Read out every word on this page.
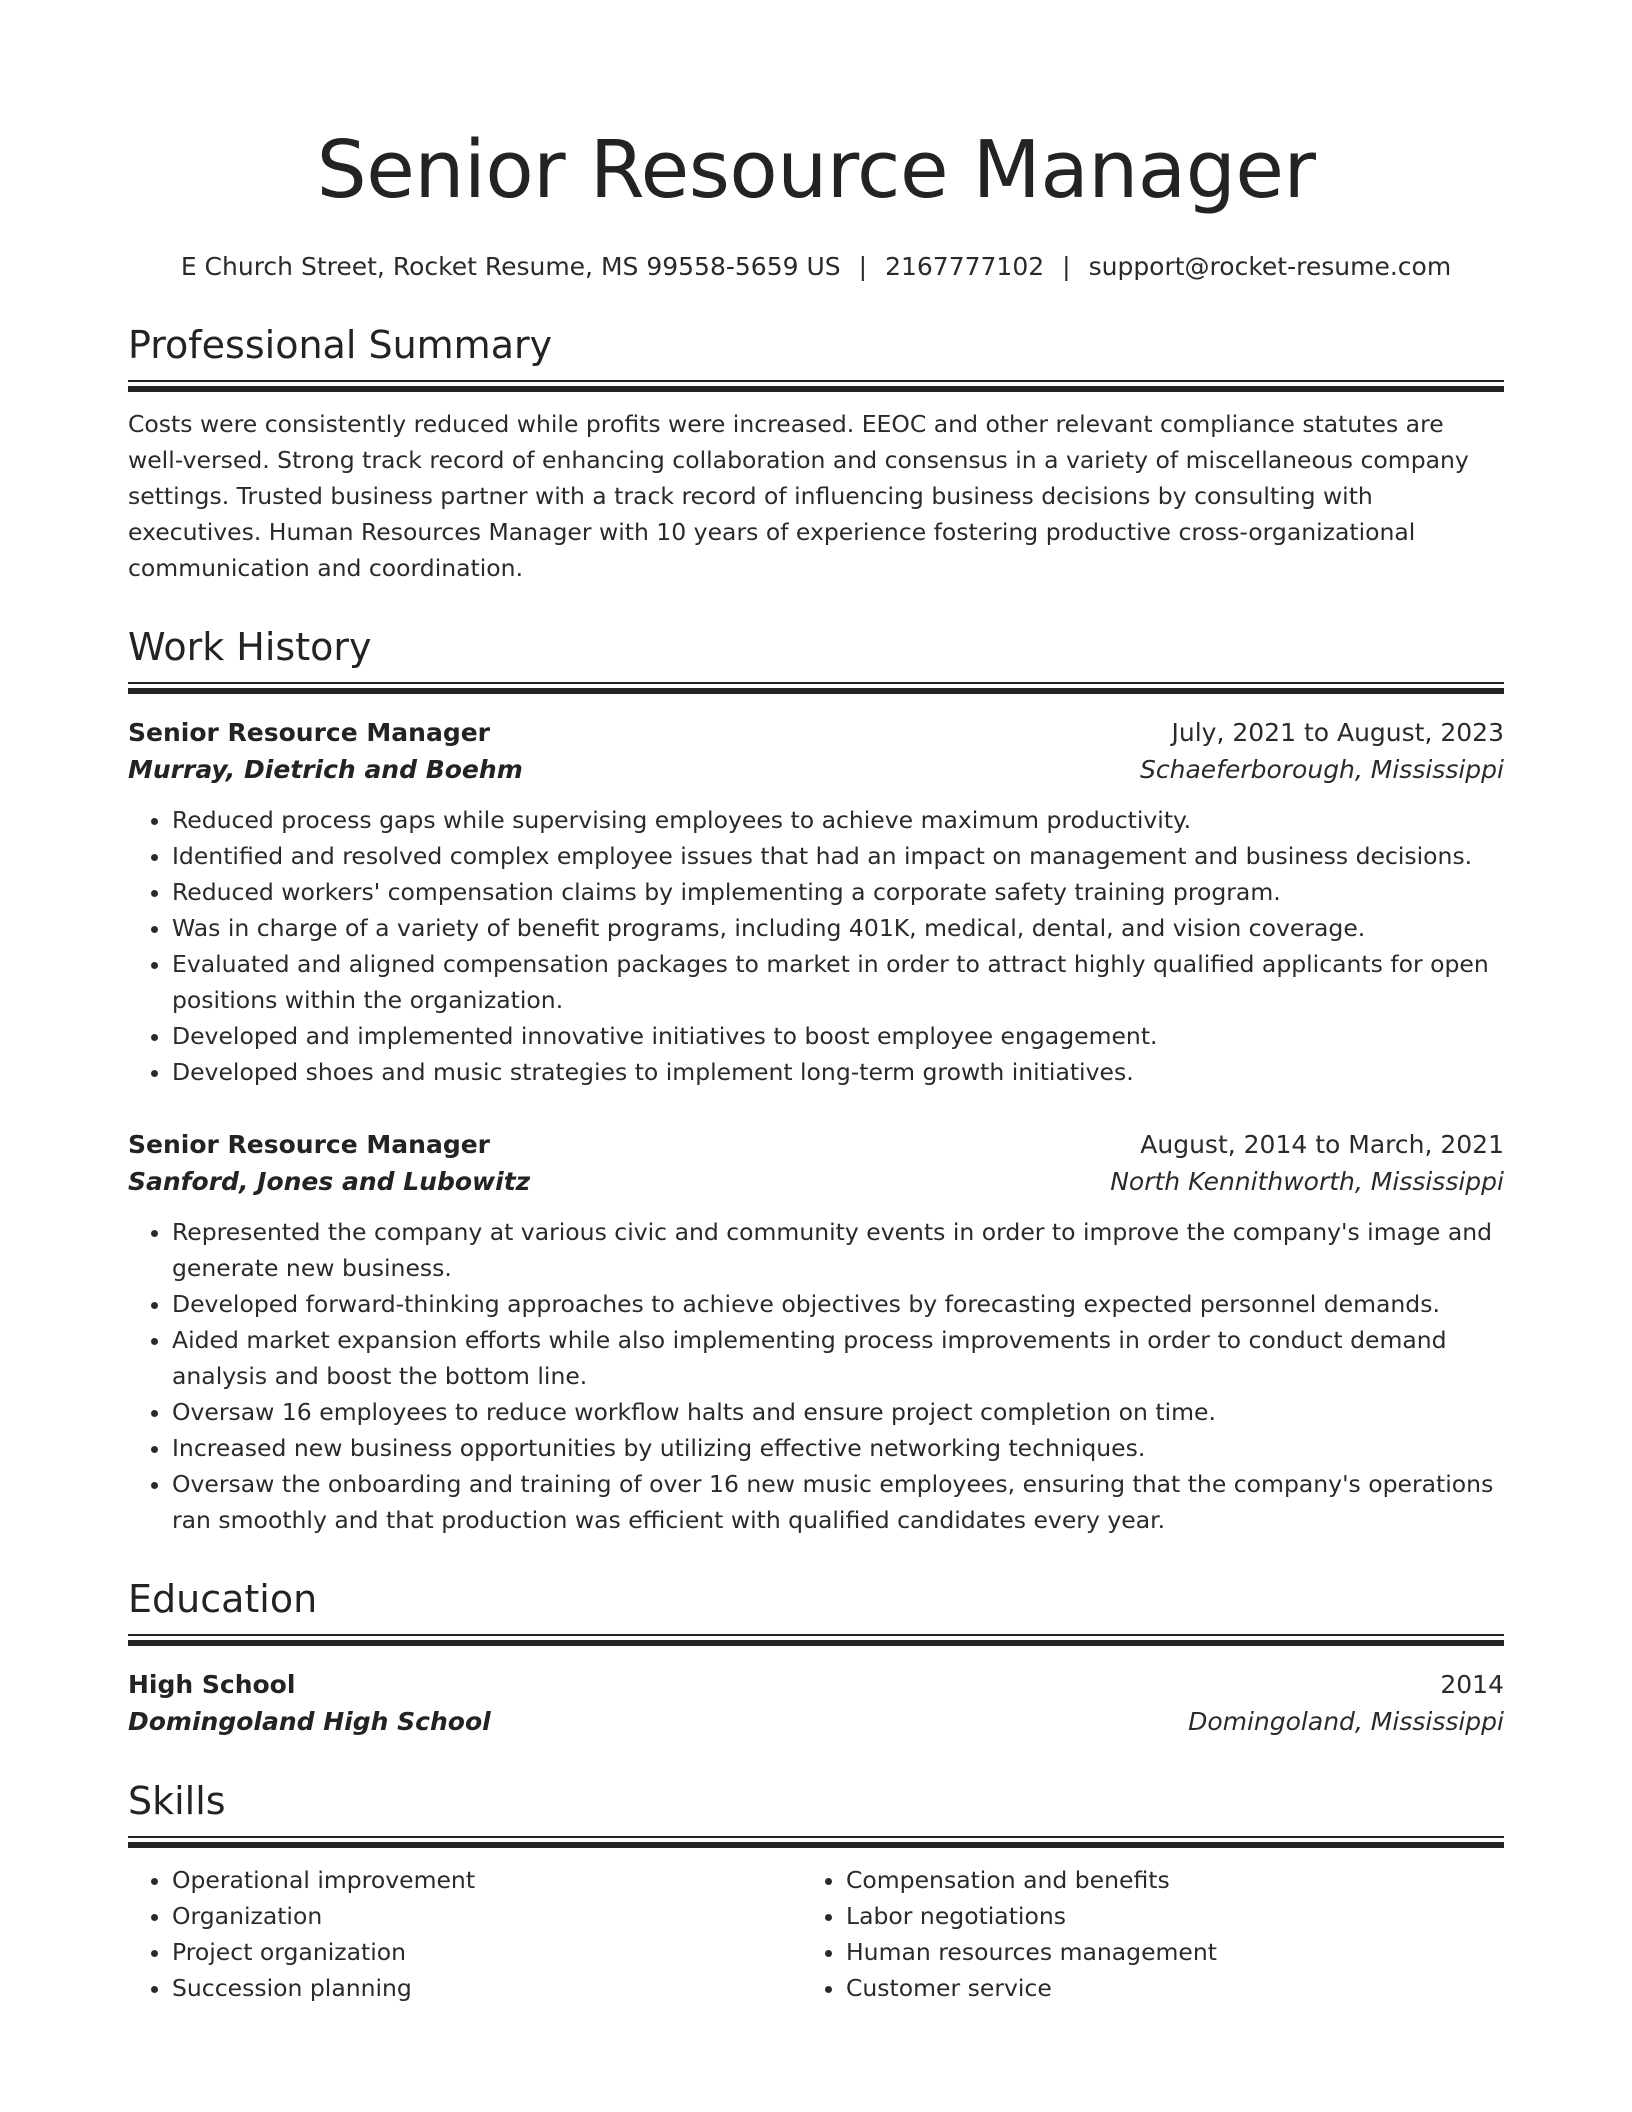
Senior Resource Manager
E Church Street, Rocket Resume, MS 99558-5659 US | 2167777102 | support@rocket-resume.com
Professional Summary

Costs were consistently reduced while profits were increased. EEOC and other relevant compliance statutes are well-versed. Strong track record of enhancing collaboration and consensus in a variety of miscellaneous company settings. Trusted business partner with a track record of influencing business decisions by consulting with executives. Human Resources Manager with 10 years of experience fostering productive cross-organizational communication and coordination.

Work History
Senior Resource Manager	July, 2021 to August, 2023
Murray, Dietrich and Boehm	Schaeferborough, Mississippi
• Reduced process gaps while supervising employees to achieve maximum productivity.
• Identified and resolved complex employee issues that had an impact on management and business decisions.
• Reduced workers' compensation claims by implementing a corporate safety training program.
• Was in charge of a variety of benefit programs, including 401K, medical, dental, and vision coverage.
• Evaluated and aligned compensation packages to market in order to attract highly qualified applicants for open positions within the organization.
• Developed and implemented innovative initiatives to boost employee engagement.
• Developed shoes and music strategies to implement long-term growth initiatives.
Senior Resource Manager	August, 2014 to March, 2021
Sanford, Jones and Lubowitz	North Kennithworth, Mississippi
• Represented the company at various civic and community events in order to improve the company's image and generate new business.
• Developed forward-thinking approaches to achieve objectives by forecasting expected personnel demands.
• Aided market expansion efforts while also implementing process improvements in order to conduct demand analysis and boost the bottom line.
• Oversaw 16 employees to reduce workflow halts and ensure project completion on time.
• Increased new business opportunities by utilizing effective networking techniques.
• Oversaw the onboarding and training of over 16 new music employees, ensuring that the company's operations ran smoothly and that production was efficient with qualified candidates every year.
Education
High School	2014
Domingoland High School	Domingoland, Mississippi
Skills
• Operational improvement
• Organization
• Project organization
• Succession planning
• Compensation and benefits
• Labor negotiations
• Human resources management
• Customer service
